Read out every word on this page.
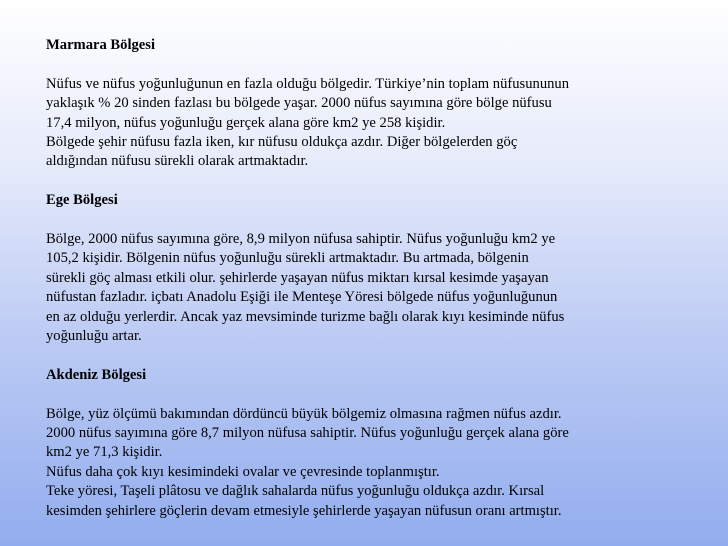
Marmara Bölgesi

Nüfus ve nüfus yoğunluğunun en fazla olduğu bölgedir. Türkiye’nin toplam nüfusununun

yaklaşık % 20 sinden fazlası bu bölgede yaşar. 2000 nüfus sayımına göre bölge nüfusu

17,4 milyon, nüfus yoğunluğu gerçek alana göre km2 ye 258 kişidir.

Bölgede şehir nüfusu fazla iken, kır nüfusu oldukça azdır. Diğer bölgelerden göç

aldığından nüfusu sürekli olarak artmaktadır.

Ege Bölgesi

Bölge, 2000 nüfus sayımına göre, 8,9 milyon nüfusa sahiptir. Nüfus yoğunluğu km2 ye

105,2 kişidir. Bölgenin nüfus yoğunluğu sürekli artmaktadır. Bu artmada, bölgenin

sürekli göç alması etkili olur. şehirlerde yaşayan nüfus miktarı kırsal kesimde yaşayan

nüfustan fazladır. içbatı Anadolu Eşiği ile Menteşe Yöresi bölgede nüfus yoğunluğunun

en az olduğu yerlerdir. Ancak yaz mevsiminde turizme bağlı olarak kıyı kesiminde nüfus

yoğunluğu artar.

Akdeniz Bölgesi

Bölge, yüz ölçümü bakımından dördüncü büyük bölgemiz olmasına rağmen nüfus azdır.

2000 nüfus sayımına göre 8,7 milyon nüfusa sahiptir. Nüfus yoğunluğu gerçek alana göre

km2 ye 71,3 kişidir.

Nüfus daha çok kıyı kesimindeki ovalar ve çevresinde toplanmıştır.

Teke yöresi, Taşeli plâtosu ve dağlık sahalarda nüfus yoğunluğu oldukça azdır. Kırsal

kesimden şehirlere göçlerin devam etmesiyle şehirlerde yaşayan nüfusun oranı artmıştır.
